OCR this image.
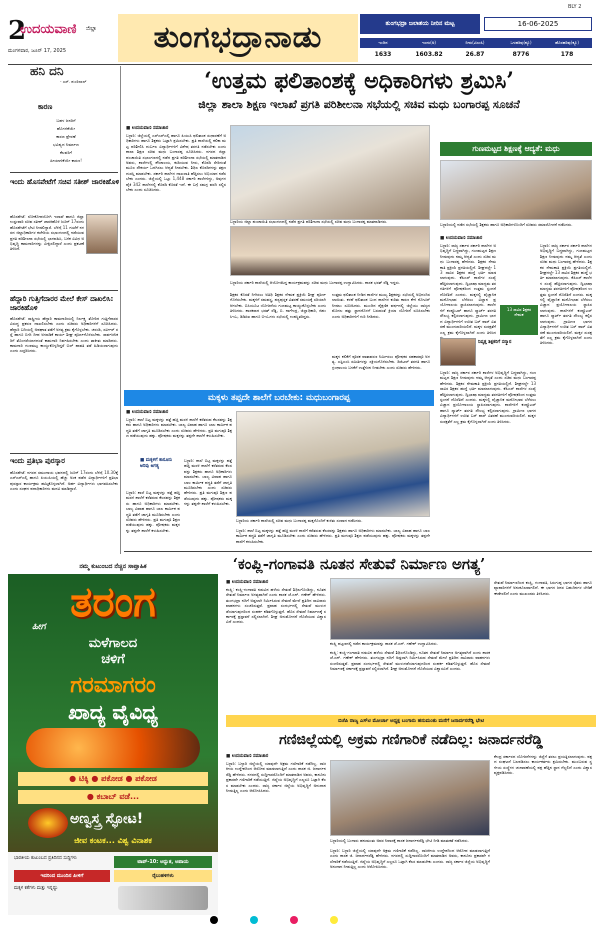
2
ಉದಯವಾಣಿ ಜಿಲ್ಲಾ
ಮಂಗಳವಾರ, ಜೂನ್ 17, 2025	ತುಂಗಭದ್ರಾನಾಡು
BLY 2
ತುಂಗಭದ್ರಾ ಜಲಾಶಯ ನೀರಿನ ಮಟ್ಟ	16-06-2025
ಇಂದಿನ	ಇಂದು(ಅ)	ನೀರು(ಟಿಎಂಸಿ)	ಒಳಹರಿವು(ಕ್ಯೂ)	ಹೊರಹರಿವು(ಕ್ಯೂ)
1633	1603.82	26.87	8776	178
ಹನಿ ದನಿ
- ಎಸ್. ಶುಂಠಿಲಾಲ್
ಕಾರಣ
ಬಹಳ ಜನರಿಗೆ
ಹೊಗಳಿಕೆಯೇ
ಕಾರಣ ಪ್ರೇರಣೆ
ಭವಿಷ್ಯದ ನಿರ್ಮಾಣ
ಕೆಲವರಿಗೆ
ಹೀಯಾಳಿಕೆಯೇ ಕಾರಣ!
ಇಂದು ಹೊಸಪೇಟೆಗೆ ಸಚಿವ ಸತೀಶ್ ಜಾರಕಿಹೊಳಿ
ಹೊಸಪೇಟೆ: ಲೋಕೋಪಯೋಗಿ ಇಲಾಖೆ ಹಾಗೂ ಜಿಲ್ಲಾ ಉಸ್ತುವಾರಿ ಸಚಿವ ಸತೀಶ್ ಜಾರಕಿಹೊಳಿ ಜೂನ್ 17ರಂದು ಹೊಸಪೇಟೆಗೆ ಭೇಟಿ ನೀಡಲಿದ್ದಾರೆ. ಬೆಳಿಗ್ಗೆ 11 ಗಂಟೆಗೆ ನಗರದ ಜಿಲ್ಲಾಧಿಕಾರಿಗಳ ಕಚೇರಿಯ ಸಭಾಂಗಣದಲ್ಲಿ ನಡೆಯುವ ಪ್ರಗತಿ ಪರಿಶೀಲನಾ ಸಭೆಯಲ್ಲಿ ಭಾಗವಹಿಸಿ, ಬಳಿಕ ವಿವಿಧ ಅಭಿವೃದ್ಧಿ ಕಾಮಗಾರಿಗಳನ್ನು ವೀಕ್ಷಿಸಲಿದ್ದಾರೆ ಎಂದು ಪ್ರಕಟಣೆ ತಿಳಿಸಿದೆ.
ಹೆದ್ದಾರಿ ಗುತ್ತಿಗೆದಾರರ ಮೇಲೆ ಕೇಸ್ ದಾಖಲಿಸಿ: ಜಾರಕಿಹೊಳಿ
ಹೊಸಪೇಟೆ: ರಾಷ್ಟ್ರೀಯ ಹೆದ್ದಾರಿ ಕಾಮಗಾರಿಯಲ್ಲಿ ನಿರ್ಲಕ್ಷ್ಯ ತೋರಿದ ಗುತ್ತಿಗೆದಾರರ ವಿರುದ್ಧ ಪ್ರಕರಣ ದಾಖಲಿಸಬೇಕು ಎಂದು ಸಚಿವರು ಅಧಿಕಾರಿಗಳಿಗೆ ಸೂಚಿಸಿದರು. ಹೆದ್ದಾರಿ ಬದಿಯಲ್ಲಿ ಅಪಘಾತ ತಡೆಗೆ ಅಗತ್ಯ ಕ್ರಮ ಕೈಗೊಳ್ಳಬೇಕು. ಚರಂಡಿ, ಸರ್ವೀಸ್ ರಸ್ತೆ ಹಾಗೂ ಬೀದಿ ದೀಪ ಅಳವಡಿಕೆ ಕಾರ್ಯ ಶೀಘ್ರ ಪೂರ್ಣಗೊಳಿಸಬೇಕು. ಸಾರ್ವಜನಿಕರಿಗೆ ತೊಂದರೆಯಾಗದಂತೆ ಕಾಮಗಾರಿ ನಿರ್ವಹಿಸಬೇಕು ಎಂದು ತಾಕೀತು ಮಾಡಿದರು. ಕಾಮಗಾರಿ ಗುಣಮಟ್ಟ ಕಾಯ್ದುಕೊಳ್ಳದಿದ್ದರೆ ಬಿಲ್ ಪಾವತಿ ತಡೆ ಹಿಡಿಯಲಾಗುವುದು ಎಂದು ಎಚ್ಚರಿಸಿದರು.
ಇಂದು ಪ್ರತಿಭಾ ಪುರಸ್ಕಾರ
ಹೊಸಪೇಟೆ: ನಗರದ ಸಮುದಾಯ ಭವನದಲ್ಲಿ ಜೂನ್ 17ರಂದು ಬೆಳಿಗ್ಗೆ 10.30ಕ್ಕೆ ಎಸ್ಎಸ್ಎಲ್ಸಿ ಹಾಗೂ ಪಿಯುಸಿಯಲ್ಲಿ ಹೆಚ್ಚು ಅಂಕ ಪಡೆದ ವಿದ್ಯಾರ್ಥಿಗಳಿಗೆ ಪ್ರತಿಭಾ ಪುರಸ್ಕಾರ ಕಾರ್ಯಕ್ರಮ ಹಮ್ಮಿಕೊಳ್ಳಲಾಗಿದೆ. ಅರ್ಹ ವಿದ್ಯಾರ್ಥಿಗಳು ಭಾಗವಹಿಸಬೇಕು ಎಂದು ಸಂಘದ ಪದಾಧಿಕಾರಿಗಳು ಮನವಿ ಮಾಡಿದ್ದಾರೆ.
‘ಉತ್ತಮ ಫಲಿತಾಂಶಕ್ಕೆ ಅಧಿಕಾರಿಗಳು ಶ್ರಮಿಸಿ’
ಜಿಲ್ಲಾ ಶಾಲಾ ಶಿಕ್ಷಣ ಇಲಾಖೆ ಪ್ರಗತಿ ಪರಿಶೀಲನಾ ಸಭೆಯಲ್ಲಿ ಸಚಿವ ಮಧು ಬಂಗಾರಪ್ಪ ಸೂಚನೆ
■ ಉದಯವಾಣಿ ಸಮಾಚಾರ
ಬಳ್ಳಾರಿ: ಜಿಲ್ಲೆಯಲ್ಲಿ ಎಸ್ಎಸ್ಎಲ್ಸಿ ಹಾಗೂ ಪಿಯುಸಿ ಫಲಿತಾಂಶ ಸುಧಾರಣೆಗೆ ಅಧಿಕಾರಿಗಳು ಹಾಗೂ ಶಿಕ್ಷಕರು ಒಟ್ಟಾಗಿ ಶ್ರಮಿಸಬೇಕು. ಪ್ರತಿ ಶಾಲೆಯಲ್ಲಿ ಕಲಿಕಾ ಮಟ್ಟ ಪರಿಶೀಲಿಸಿ ದುರ್ಬಲ ವಿದ್ಯಾರ್ಥಿಗಳಿಗೆ ವಿಶೇಷ ತರಗತಿ ನಡೆಸಬೇಕು ಎಂದು ಶಾಲಾ ಶಿಕ್ಷಣ ಸಚಿವ ಮಧು ಬಂಗಾರಪ್ಪ ಸೂಚಿಸಿದರು. ನಗರದ ಜಿಲ್ಲಾ ಪಂಚಾಯಿತಿ ಸಭಾಂಗಣದಲ್ಲಿ ನಡೆದ ಪ್ರಗತಿ ಪರಿಶೀಲನಾ ಸಭೆಯಲ್ಲಿ ಮಾತನಾಡಿದ ಅವರು, ಶಾಲೆಗಳಲ್ಲಿ ಶೌಚಾಲಯ, ಕುಡಿಯುವ ನೀರು, ಕೊಠಡಿ ಸೇರಿದಂತೆ ಮೂಲ ಸೌಕರ್ಯ ಒದಗಿಸಲು ಆದ್ಯತೆ ನೀಡಬೇಕು. ಶಿಥಿಲ ಕೊಠಡಿಗಳನ್ನು ತಕ್ಷಣ ದುರಸ್ತಿ ಮಾಡಬೇಕು. ಸರ್ಕಾರಿ ಶಾಲೆಗಳ ದಾಖಲಾತಿ ಹೆಚ್ಚಿಸಲು ಅಭಿಯಾನ ನಡೆಸಬೇಕು ಎಂದರು. ಜಿಲ್ಲೆಯಲ್ಲಿ ಒಟ್ಟು 1,448 ಸರ್ಕಾರಿ ಶಾಲೆಗಳಿದ್ದು, ಅವುಗಳ ಪೈಕಿ 342 ಶಾಲೆಗಳಲ್ಲಿ ಕೊಠಡಿ ಕೊರತೆ ಇದೆ. ಈ ಬಗ್ಗೆ ಸಮಗ್ರ ವರದಿ ಸಲ್ಲಿಸಬೇಕು ಎಂದು ಸೂಚಿಸಿದರು.
ಬಳ್ಳಾರಿಯ ಜಿಲ್ಲಾ ಪಂಚಾಯಿತಿ ಸಭಾಂಗಣದಲ್ಲಿ ನಡೆದ ಪ್ರಗತಿ ಪರಿಶೀಲನಾ ಸಭೆಯಲ್ಲಿ ಸಚಿವ ಮಧು ಬಂಗಾರಪ್ಪ ಮಾತನಾಡಿದರು.
ಬಳ್ಳಾರಿಯ ಸರ್ಕಾರಿ ಶಾಲೆಯಲ್ಲಿ ಆಯೋಜಿಸಿದ್ದ ಕಾರ್ಯಕ್ರಮವನ್ನು ಸಚಿವ ಮಧು ಬಂಗಾರಪ್ಪ ಉದ್ಘಾಟಿಸಿದರು. ಶಾಸಕ ಭರತ್ ರೆಡ್ಡಿ ಇದ್ದರು.
ಶಿಕ್ಷಕರ ಕೊರತೆ ನೀಗಿಸಲು ಅತಿಥಿ ಶಿಕ್ಷಕರ ನೇಮಕ ಪ್ರಕ್ರಿಯೆ ಶೀಘ್ರ ಪೂರ್ಣಗೊಳಿಸಬೇಕು. ಮಕ್ಕಳಿಗೆ ಸಮವಸ್ತ್ರ, ಪಠ್ಯಪುಸ್ತಕ ವಿತರಣೆ ಸಮಯಕ್ಕೆ ಸರಿಯಾಗಿ ಆಗಬೇಕು. ಬಿಸಿಯೂಟ ಯೋಜನೆಯ ಗುಣಮಟ್ಟ ಕಾಯ್ದುಕೊಳ್ಳಬೇಕು ಎಂದು ತಿಳಿಸಿದರು. ಶಾಸಕರಾದ ಭರತ್ ರೆಡ್ಡಿ, ಬಿ. ನಾಗೇಂದ್ರ, ಜಿಲ್ಲಾಧಿಕಾರಿ, ಜಿಪಂ ಸಿಇಒ, ಡಿಡಿಪಿಐ ಹಾಗೂ ಬಿಇಒಗಳು ಸಭೆಯಲ್ಲಿ ಉಪಸ್ಥಿತರಿದ್ದರು.
ಉತ್ತಮ ಫಲಿತಾಂಶ ನೀಡಿದ ಶಾಲೆಗಳ ಮುಖ್ಯ ಶಿಕ್ಷಕರನ್ನು ಸಭೆಯಲ್ಲಿ ಅಭಿನಂದಿಸಲಾಯಿತು. ಕಳಪೆ ಫಲಿತಾಂಶ ಬಂದ ಶಾಲೆಗಳ ಕುರಿತು ಕಾರಣ ಕೇಳಿ ನೋಟಿಸ್ ನೀಡಲು ಸೂಚಿಸಿದರು. ಮುಂದಿನ ಶೈಕ್ಷಣಿಕ ವರ್ಷದಲ್ಲಿ ಜಿಲ್ಲೆಯು ರಾಜ್ಯದ ಮೊದಲ ಹತ್ತು ಸ್ಥಾನದೊಳಗೆ ಬರುವಂತೆ ಕ್ರಿಯಾ ಯೋಜನೆ ರೂಪಿಸಬೇಕು ಎಂದು ಅಧಿಕಾರಿಗಳಿಗೆ ಗುರಿ ನೀಡಿದರು.
ಮಕ್ಕಳ ಕಲಿಕೆಗೆ ಪೂರಕ ವಾತಾವರಣ ನಿರ್ಮಿಸಲು ಪೋಷಕರ ಸಹಕಾರವೂ ಅಗತ್ಯ. ಎಸ್ಡಿಎಂಸಿ ಸಮಿತಿಗಳನ್ನು ಸಕ್ರಿಯಗೊಳಿಸಬೇಕು. ಡಿಜಿಟಲ್ ತರಗತಿ ಹಾಗೂ ಗ್ರಂಥಾಲಯ ಬಳಕೆಗೆ ಉತ್ತೇಜನ ನೀಡಬೇಕು ಎಂದು ಸಚಿವರು ಹೇಳಿದರು.
ಗುಣಮಟ್ಟದ ಶಿಕ್ಷಣಕ್ಕೆ ಆದ್ಯತೆ: ಮಧು
ಬಳ್ಳಾರಿಯಲ್ಲಿ ನಡೆದ ಸಭೆಯಲ್ಲಿ ಶಿಕ್ಷಕರು ಹಾಗೂ ಅಧಿಕಾರಿಗಳೊಂದಿಗೆ ಸಚಿವರು ಸಮಾಲೋಚನೆ ನಡೆಸಿದರು.
■ ಉದಯವಾಣಿ ಸಮಾಚಾರ
ಬಳ್ಳಾರಿ: ರಾಜ್ಯ ಸರ್ಕಾರ ಸರ್ಕಾರಿ ಶಾಲೆಗಳ ಅಭಿವೃದ್ಧಿಗೆ ಬದ್ಧವಾಗಿದ್ದು, ಗುಣಮಟ್ಟದ ಶಿಕ್ಷಣ ನೀಡುವುದು ನಮ್ಮ ಆದ್ಯತೆ ಎಂದು ಸಚಿವ ಮಧು ಬಂಗಾರಪ್ಪ ಹೇಳಿದರು. ಶಿಕ್ಷಕರ ನೇಮಕಾತಿ ಪ್ರಕ್ರಿಯೆ ಪ್ರಗತಿಯಲ್ಲಿದೆ. ಶೀಘ್ರದಲ್ಲೇ 13 ಸಾವಿರ ಶಿಕ್ಷಕರ ಹುದ್ದೆ ಭರ್ತಿ ಮಾಡಲಾಗುವುದು. ಕೆಪಿಎಸ್ ಶಾಲೆಗಳ ಸಂಖ್ಯೆ ಹೆಚ್ಚಿಸಲಾಗುವುದು. ದ್ವಿಭಾಷಾ ಮಾಧ್ಯಮ ತರಗತಿಗಳಿಗೆ ಪೋಷಕರಿಂದ ಉತ್ತಮ ಸ್ಪಂದನೆ ದೊರೆತಿದೆ ಎಂದರು. ಮಕ್ಕಳಲ್ಲಿ ವೈಜ್ಞಾನಿಕ ಮನೋಭಾವ ಬೆಳೆಸಲು ವಿಜ್ಞಾನ ಪ್ರಯೋಗಾಲಯ ಸ್ಥಾಪಿಸಲಾಗುವುದು. ಶಾಲೆಗಳಿಗೆ ಕಂಪ್ಯೂಟರ್ ಹಾಗೂ ಸ್ಮಾರ್ಟ್ ತರಗತಿ ಸೌಲಭ್ಯ ಕಲ್ಪಿಸಲಾಗುವುದು. ಗ್ರಾಮೀಣ ಭಾಗದ ವಿದ್ಯಾರ್ಥಿಗಳಿಗೆ ಉಚಿತ ಬಸ್ ಪಾಸ್ ವಿತರಣೆ ಮುಂದುವರಿಯಲಿದೆ. ಮಕ್ಕಳ ಸುರಕ್ಷತೆಗೆ ಎಲ್ಲ ಕ್ರಮ ಕೈಗೊಳ್ಳಲಾಗಿದೆ ಎಂದು ತಿಳಿಸಿದ
13 ಸಾವಿರ ಶಿಕ್ಷಕರ ನೇಮಕ
ಬಳ್ಳಾರಿ: ರಾಜ್ಯ ಸರ್ಕಾರ ಸರ್ಕಾರಿ ಶಾಲೆಗಳ ಅಭಿವೃದ್ಧಿಗೆ ಬದ್ಧವಾಗಿದ್ದು, ಗುಣಮಟ್ಟದ ಶಿಕ್ಷಣ ನೀಡುವುದು ನಮ್ಮ ಆದ್ಯತೆ ಎಂದು ಸಚಿವ ಮಧು ಬಂಗಾರಪ್ಪ ಹೇಳಿದರು. ಶಿಕ್ಷಕರ ನೇಮಕಾತಿ ಪ್ರಕ್ರಿಯೆ ಪ್ರಗತಿಯಲ್ಲಿದೆ. ಶೀಘ್ರದಲ್ಲೇ 13 ಸಾವಿರ ಶಿಕ್ಷಕರ ಹುದ್ದೆ ಭರ್ತಿ ಮಾಡಲಾಗುವುದು. ಕೆಪಿಎಸ್ ಶಾಲೆಗಳ ಸಂಖ್ಯೆ ಹೆಚ್ಚಿಸಲಾಗುವುದು. ದ್ವಿಭಾಷಾ ಮಾಧ್ಯಮ ತರಗತಿಗಳಿಗೆ ಪೋಷಕರಿಂದ ಉತ್ತಮ ಸ್ಪಂದನೆ ದೊರೆತಿದೆ ಎಂದರು. ಮಕ್ಕಳಲ್ಲಿ ವೈಜ್ಞಾನಿಕ ಮನೋಭಾವ ಬೆಳೆಸಲು ವಿಜ್ಞಾನ ಪ್ರಯೋಗಾಲಯ ಸ್ಥಾಪಿಸಲಾಗುವುದು. ಶಾಲೆಗಳಿಗೆ ಕಂಪ್ಯೂಟರ್ ಹಾಗೂ ಸ್ಮಾರ್ಟ್ ತರಗತಿ ಸೌಲಭ್ಯ ಕಲ್ಪಿಸಲಾಗುವುದು. ಗ್ರಾಮೀಣ ಭಾಗದ ವಿದ್ಯಾರ್ಥಿಗಳಿಗೆ ಉಚಿತ ಬಸ್ ಪಾಸ್ ವಿತರಣೆ ಮುಂದುವರಿಯಲಿದೆ. ಮಕ್ಕಳ ಸುರಕ್ಷತೆಗೆ ಎಲ್ಲ ಕ್ರಮ ಕೈಗೊಳ್ಳಲಾಗಿದೆ ಎಂದು ತಿಳಿಸಿದರು.
ನಿವೃತ್ತ ಶಿಕ್ಷಕರಿಗೆ ಸನ್ಮಾನ
ಬಳ್ಳಾರಿ: ರಾಜ್ಯ ಸರ್ಕಾರ ಸರ್ಕಾರಿ ಶಾಲೆಗಳ ಅಭಿವೃದ್ಧಿಗೆ ಬದ್ಧವಾಗಿದ್ದು, ಗುಣಮಟ್ಟದ ಶಿಕ್ಷಣ ನೀಡುವುದು ನಮ್ಮ ಆದ್ಯತೆ ಎಂದು ಸಚಿವ ಮಧು ಬಂಗಾರಪ್ಪ ಹೇಳಿದರು. ಶಿಕ್ಷಕರ ನೇಮಕಾತಿ ಪ್ರಕ್ರಿಯೆ ಪ್ರಗತಿಯಲ್ಲಿದೆ. ಶೀಘ್ರದಲ್ಲೇ 13 ಸಾವಿರ ಶಿಕ್ಷಕರ ಹುದ್ದೆ ಭರ್ತಿ ಮಾಡಲಾಗುವುದು. ಕೆಪಿಎಸ್ ಶಾಲೆಗಳ ಸಂಖ್ಯೆ ಹೆಚ್ಚಿಸಲಾಗುವುದು. ದ್ವಿಭಾಷಾ ಮಾಧ್ಯಮ ತರಗತಿಗಳಿಗೆ ಪೋಷಕರಿಂದ ಉತ್ತಮ ಸ್ಪಂದನೆ ದೊರೆತಿದೆ ಎಂದರು. ಮಕ್ಕಳಲ್ಲಿ ವೈಜ್ಞಾನಿಕ ಮನೋಭಾವ ಬೆಳೆಸಲು ವಿಜ್ಞಾನ ಪ್ರಯೋಗಾಲಯ ಸ್ಥಾಪಿಸಲಾಗುವುದು. ಶಾಲೆಗಳಿಗೆ ಕಂಪ್ಯೂಟರ್ ಹಾಗೂ ಸ್ಮಾರ್ಟ್ ತರಗತಿ ಸೌಲಭ್ಯ ಕಲ್ಪಿಸಲಾಗುವುದು. ಗ್ರಾಮೀಣ ಭಾಗದ ವಿದ್ಯಾರ್ಥಿಗಳಿಗೆ ಉಚಿತ ಬಸ್ ಪಾಸ್ ವಿತರಣೆ ಮುಂದುವರಿಯಲಿದೆ. ಮಕ್ಕಳ ಸುರಕ್ಷತೆಗೆ ಎಲ್ಲ ಕ್ರಮ ಕೈಗೊಳ್ಳಲಾಗಿದೆ ಎಂದು ತಿಳಿಸಿದರು.
ಮಕ್ಕಳು ತಪ್ಪದೇ ಶಾಲೆಗೆ ಬರಬೇಕು: ಮಧುಬಂಗಾರಪ್ಪ
■ ಉದಯವಾಣಿ ಸಮಾಚಾರ
ಬಳ್ಳಾರಿ: ಶಾಲೆ ಬಿಟ್ಟ ಮಕ್ಕಳನ್ನು ಪತ್ತೆ ಹಚ್ಚಿ ಮರಳಿ ಶಾಲೆಗೆ ಕರೆತರುವ ಕೆಲಸವನ್ನು ಶಿಕ್ಷಕರು ಹಾಗೂ ಅಧಿಕಾರಿಗಳು ಮಾಡಬೇಕು. ಬಾಲ್ಯ ವಿವಾಹ ಹಾಗೂ ಬಾಲ ಕಾರ್ಮಿಕ ಪದ್ಧತಿ ತಡೆಗೆ ಜಾಗೃತಿ ಮೂಡಿಸಬೇಕು ಎಂದು ಸಚಿವರು ಹೇಳಿದರು. ಪ್ರತಿ ಮಗುವೂ ಶಿಕ್ಷಣ ಪಡೆಯುವುದು ಹಕ್ಕು. ಪೋಷಕರು ಮಕ್ಕಳನ್ನು ತಪ್ಪದೇ ಶಾಲೆಗೆ ಕಳುಹಿಸಬೇಕು.
■ ಮಕ್ಕಳಿಗೆ ಕಾನೂನು ಅರಿವು ಅಗತ್ಯ
ಬಳ್ಳಾರಿ: ಶಾಲೆ ಬಿಟ್ಟ ಮಕ್ಕಳನ್ನು ಪತ್ತೆ ಹಚ್ಚಿ ಮರಳಿ ಶಾಲೆಗೆ ಕರೆತರುವ ಕೆಲಸವನ್ನು ಶಿಕ್ಷಕರು ಹಾಗೂ ಅಧಿಕಾರಿಗಳು ಮಾಡಬೇಕು. ಬಾಲ್ಯ ವಿವಾಹ ಹಾಗೂ ಬಾಲ ಕಾರ್ಮಿಕ ಪದ್ಧತಿ ತಡೆಗೆ ಜಾಗೃತಿ ಮೂಡಿಸಬೇಕು ಎಂದು ಸಚಿವರು ಹೇಳಿದರು. ಪ್ರತಿ ಮಗುವೂ ಶಿಕ್ಷಣ ಪಡೆಯುವುದು ಹಕ್ಕು. ಪೋಷಕರು ಮಕ್ಕಳನ್ನು ತಪ್ಪದೇ ಶಾಲೆಗೆ ಕಳುಹಿಸಬೇಕು.
ಬಳ್ಳಾರಿ: ಶಾಲೆ ಬಿಟ್ಟ ಮಕ್ಕಳನ್ನು ಪತ್ತೆ ಹಚ್ಚಿ ಮರಳಿ ಶಾಲೆಗೆ ಕರೆತರುವ ಕೆಲಸವನ್ನು ಶಿಕ್ಷಕರು ಹಾಗೂ ಅಧಿಕಾರಿಗಳು ಮಾಡಬೇಕು. ಬಾಲ್ಯ ವಿವಾಹ ಹಾಗೂ ಬಾಲ ಕಾರ್ಮಿಕ ಪದ್ಧತಿ ತಡೆಗೆ ಜಾಗೃತಿ ಮೂಡಿಸಬೇಕು ಎಂದು ಸಚಿವರು ಹೇಳಿದರು. ಪ್ರತಿ ಮಗುವೂ ಶಿಕ್ಷಣ ಪಡೆಯುವುದು ಹಕ್ಕು. ಪೋಷಕರು ಮಕ್ಕಳನ್ನು ತಪ್ಪದೇ ಶಾಲೆಗೆ ಕಳುಹಿಸಬೇಕು.
ಬಳ್ಳಾರಿಯ ಸರ್ಕಾರಿ ಶಾಲೆಯಲ್ಲಿ ಸಚಿವ ಮಧು ಬಂಗಾರಪ್ಪ ಮಕ್ಕಳೊಂದಿಗೆ ಕುಳಿತು ಸಂವಾದ ನಡೆಸಿದರು.
ಬಳ್ಳಾರಿ: ಶಾಲೆ ಬಿಟ್ಟ ಮಕ್ಕಳನ್ನು ಪತ್ತೆ ಹಚ್ಚಿ ಮರಳಿ ಶಾಲೆಗೆ ಕರೆತರುವ ಕೆಲಸವನ್ನು ಶಿಕ್ಷಕರು ಹಾಗೂ ಅಧಿಕಾರಿಗಳು ಮಾಡಬೇಕು. ಬಾಲ್ಯ ವಿವಾಹ ಹಾಗೂ ಬಾಲ ಕಾರ್ಮಿಕ ಪದ್ಧತಿ ತಡೆಗೆ ಜಾಗೃತಿ ಮೂಡಿಸಬೇಕು ಎಂದು ಸಚಿವರು ಹೇಳಿದರು. ಪ್ರತಿ ಮಗುವೂ ಶಿಕ್ಷಣ ಪಡೆಯುವುದು ಹಕ್ಕು. ಪೋಷಕರು ಮಕ್ಕಳನ್ನು ತಪ್ಪದೇ ಶಾಲೆಗೆ ಕಳುಹಿಸಬೇಕು.
ನಮ್ಮ ಕುಟುಂಬದ ನೆಚ್ಚಿನ ಸಾಪ್ತಾಹಿಕ
ತರಂಗ
ಹೀಗ
ಮಳೆಗಾಲದ
ಚಳಿಗೆ
ಗರಮಾಗರಂ
ಖಾದ್ಯ ವೈವಿಧ್ಯ
● ಟಿಕ್ಕಿ ● ಪಕೋಡ ● ಪಕೋಡ
● ಕಬಾಬ್ ವಡೆ...
ಅಣ್ವಸ್ತ್ರ ಸ್ಫೋಟ!
ಜೀವ ಕಂಟಕ... ವಿಶ್ವ ವಿನಾಶಕ
ಭಾರತೀಯ ಕುಟುಂಬದ ಪ್ರತಿದಿನದ ಸುದ್ದಿಗಳು
ಇದರಿಂದ ಮುಂದಿನ ಪೀಳಿಗೆ
ಮಕ್ಕಳ ಕತೆಗಳು ಮತ್ತು ಇನ್ನಷ್ಟು
ಟಾಪ್-10: ಅಧ್ಭುತ, ಅಪಾಯ
ರೈಲುಹಳಿಗಳು
‘ಕಂಪ್ಲಿ-ಗಂಗಾವತಿ ನೂತನ ಸೇತುವೆ ನಿರ್ಮಾಣ ಅಗತ್ಯ’
■ ಉದಯವಾಣಿ ಸಮಾಚಾರ
ಕಂಪ್ಲಿ: ಕಂಪ್ಲಿ-ಗಂಗಾವತಿ ನಡುವಿನ ಹಳೆಯ ಸೇತುವೆ ಶಿಥಿಲಗೊಂಡಿದ್ದು, ನೂತನ ಸೇತುವೆ ನಿರ್ಮಾಣ ಅಗತ್ಯವಾಗಿದೆ ಎಂದು ಶಾಸಕ ಜೆ.ಎನ್. ಗಣೇಶ್ ಹೇಳಿದರು. ತುಂಗಭದ್ರಾ ನದಿಗೆ ಅಡ್ಡಲಾಗಿ ನಿರ್ಮಿಸಿರುವ ಸೇತುವೆ ಮೇಲೆ ಪ್ರತಿದಿನ ಸಾವಿರಾರು ವಾಹನಗಳು ಸಂಚರಿಸುತ್ತವೆ. ಪ್ರವಾಹ ಸಂದರ್ಭದಲ್ಲಿ ಸೇತುವೆ ಮುಳುಗಡೆಯಾಗುವುದರಿಂದ ಸಂಪರ್ಕ ಕಡಿತಗೊಳ್ಳುತ್ತದೆ. ಹೊಸ ಸೇತುವೆ ನಿರ್ಮಾಣಕ್ಕೆ ಸರ್ಕಾರಕ್ಕೆ ಪ್ರಸ್ತಾವನೆ ಸಲ್ಲಿಸಲಾಗಿದೆ. ಶೀಘ್ರ ಅನುಮೋದನೆ ದೊರೆಯುವ ವಿಶ್ವಾಸವಿದೆ ಎಂದರು.
ಕಂಪ್ಲಿ ಪಟ್ಟಣದಲ್ಲಿ ನಡೆದ ಕಾರ್ಯಕ್ರಮವನ್ನು ಶಾಸಕ ಜೆ.ಎನ್. ಗಣೇಶ್ ಉದ್ಘಾಟಿಸಿದರು.
ಕಂಪ್ಲಿ: ಕಂಪ್ಲಿ-ಗಂಗಾವತಿ ನಡುವಿನ ಹಳೆಯ ಸೇತುವೆ ಶಿಥಿಲಗೊಂಡಿದ್ದು, ನೂತನ ಸೇತುವೆ ನಿರ್ಮಾಣ ಅಗತ್ಯವಾಗಿದೆ ಎಂದು ಶಾಸಕ ಜೆ.ಎನ್. ಗಣೇಶ್ ಹೇಳಿದರು. ತುಂಗಭದ್ರಾ ನದಿಗೆ ಅಡ್ಡಲಾಗಿ ನಿರ್ಮಿಸಿರುವ ಸೇತುವೆ ಮೇಲೆ ಪ್ರತಿದಿನ ಸಾವಿರಾರು ವಾಹನಗಳು ಸಂಚರಿಸುತ್ತವೆ. ಪ್ರವಾಹ ಸಂದರ್ಭದಲ್ಲಿ ಸೇತುವೆ ಮುಳುಗಡೆಯಾಗುವುದರಿಂದ ಸಂಪರ್ಕ ಕಡಿತಗೊಳ್ಳುತ್ತದೆ. ಹೊಸ ಸೇತುವೆ ನಿರ್ಮಾಣಕ್ಕೆ ಸರ್ಕಾರಕ್ಕೆ ಪ್ರಸ್ತಾವನೆ ಸಲ್ಲಿಸಲಾಗಿದೆ. ಶೀಘ್ರ ಅನುಮೋದನೆ ದೊರೆಯುವ ವಿಶ್ವಾಸವಿದೆ ಎಂದರು.
ಸೇತುವೆ ನಿರ್ಮಾಣದಿಂದ ಕಂಪ್ಲಿ, ಗಂಗಾವತಿ, ಸಿರುಗುಪ್ಪ ಭಾಗದ ರೈತರು ಹಾಗೂ ವ್ಯಾಪಾರಿಗಳಿಗೆ ಅನುಕೂಲವಾಗಲಿದೆ. ಈ ಭಾಗದ ಜನರ ಬಹುದಿನಗಳ ಬೇಡಿಕೆ ಈಡೇರಲಿದೆ ಎಂದು ಮುಖಂಡರು ತಿಳಿಸಿದರು.
ಬಿಜೆಪಿ ರಾಜ್ಯ ಎಸ್‌ಟಿ ಮೋರ್ಚಾ ಅಧ್ಯಕ್ಷ ಬಂಗಾರು ಹನುಮಂತು ಮನೆಗೆ ಜನಾರ್ದನರೆಡ್ಡಿ ಭೇಟಿ
ಗಣಿಜಿಲ್ಲೆಯಲ್ಲಿ ಅಕ್ರಮ ಗಣಿಗಾರಿಕೆ ನಡೆದಿಲ್ಲ: ಜನಾರ್ದನರೆಡ್ಡಿ
■ ಉದಯವಾಣಿ ಸಮಾಚಾರ
ಬಳ್ಳಾರಿ: ಬಳ್ಳಾರಿ ಜಿಲ್ಲೆಯಲ್ಲಿ ಯಾವುದೇ ಅಕ್ರಮ ಗಣಿಗಾರಿಕೆ ನಡೆದಿಲ್ಲ. ರಾಜಕೀಯ ಉದ್ದೇಶದಿಂದ ಆರೋಪ ಮಾಡಲಾಗುತ್ತಿದೆ ಎಂದು ಶಾಸಕ ಜಿ. ಜನಾರ್ದನರೆಡ್ಡಿ ಹೇಳಿದರು. ನಗರದಲ್ಲಿ ಸುದ್ದಿಗಾರರೊಂದಿಗೆ ಮಾತನಾಡಿದ ಅವರು, ಕಾನೂನು ಪ್ರಕಾರವೇ ಗಣಿಗಾರಿಕೆ ನಡೆಯುತ್ತಿದೆ. ಜಿಲ್ಲೆಯ ಅಭಿವೃದ್ಧಿಗೆ ಎಲ್ಲರೂ ಒಟ್ಟಾಗಿ ಕೆಲಸ ಮಾಡಬೇಕು ಎಂದರು. ರಾಜ್ಯ ಸರ್ಕಾರ ಜಿಲ್ಲೆಯ ಅಭಿವೃದ್ಧಿಗೆ ಅನುದಾನ ನೀಡುತ್ತಿಲ್ಲ ಎಂದು ಆರೋಪಿಸಿದರು.
ಬಳ್ಳಾರಿಯಲ್ಲಿ ಬಂಗಾರು ಹನುಮಂತು ಅವರ ನಿವಾಸಕ್ಕೆ ಶಾಸಕ ಜನಾರ್ದನರೆಡ್ಡಿ ಭೇಟಿ ನೀಡಿ ಮಾತುಕತೆ ನಡೆಸಿದರು.
ಬಳ್ಳಾರಿ: ಬಳ್ಳಾರಿ ಜಿಲ್ಲೆಯಲ್ಲಿ ಯಾವುದೇ ಅಕ್ರಮ ಗಣಿಗಾರಿಕೆ ನಡೆದಿಲ್ಲ. ರಾಜಕೀಯ ಉದ್ದೇಶದಿಂದ ಆರೋಪ ಮಾಡಲಾಗುತ್ತಿದೆ ಎಂದು ಶಾಸಕ ಜಿ. ಜನಾರ್ದನರೆಡ್ಡಿ ಹೇಳಿದರು. ನಗರದಲ್ಲಿ ಸುದ್ದಿಗಾರರೊಂದಿಗೆ ಮಾತನಾಡಿದ ಅವರು, ಕಾನೂನು ಪ್ರಕಾರವೇ ಗಣಿಗಾರಿಕೆ ನಡೆಯುತ್ತಿದೆ. ಜಿಲ್ಲೆಯ ಅಭಿವೃದ್ಧಿಗೆ ಎಲ್ಲರೂ ಒಟ್ಟಾಗಿ ಕೆಲಸ ಮಾಡಬೇಕು ಎಂದರು. ರಾಜ್ಯ ಸರ್ಕಾರ ಜಿಲ್ಲೆಯ ಅಭಿವೃದ್ಧಿಗೆ ಅನುದಾನ ನೀಡುತ್ತಿಲ್ಲ ಎಂದು ಆರೋಪಿಸಿದರು.
ಕೇಂದ್ರ ಸರ್ಕಾರದ ಯೋಜನೆಗಳನ್ನು ಜಿಲ್ಲೆಗೆ ತರಲು ಪ್ರಯತ್ನಿಸಲಾಗುವುದು. ಪಕ್ಷದ ಸಂಘಟನೆ ಬಲಪಡಿಸಲು ಕಾರ್ಯಕರ್ತರು ಶ್ರಮಿಸಬೇಕು. ಮುಂಬರುವ ಸ್ಥಳೀಯ ಸಂಸ್ಥೆಗಳ ಚುನಾವಣೆಯಲ್ಲಿ ಪಕ್ಷ ಹೆಚ್ಚಿನ ಸ್ಥಾನ ಗೆಲ್ಲಲಿದೆ ಎಂದು ವಿಶ್ವಾಸ ವ್ಯಕ್ತಪಡಿಸಿದರು.
